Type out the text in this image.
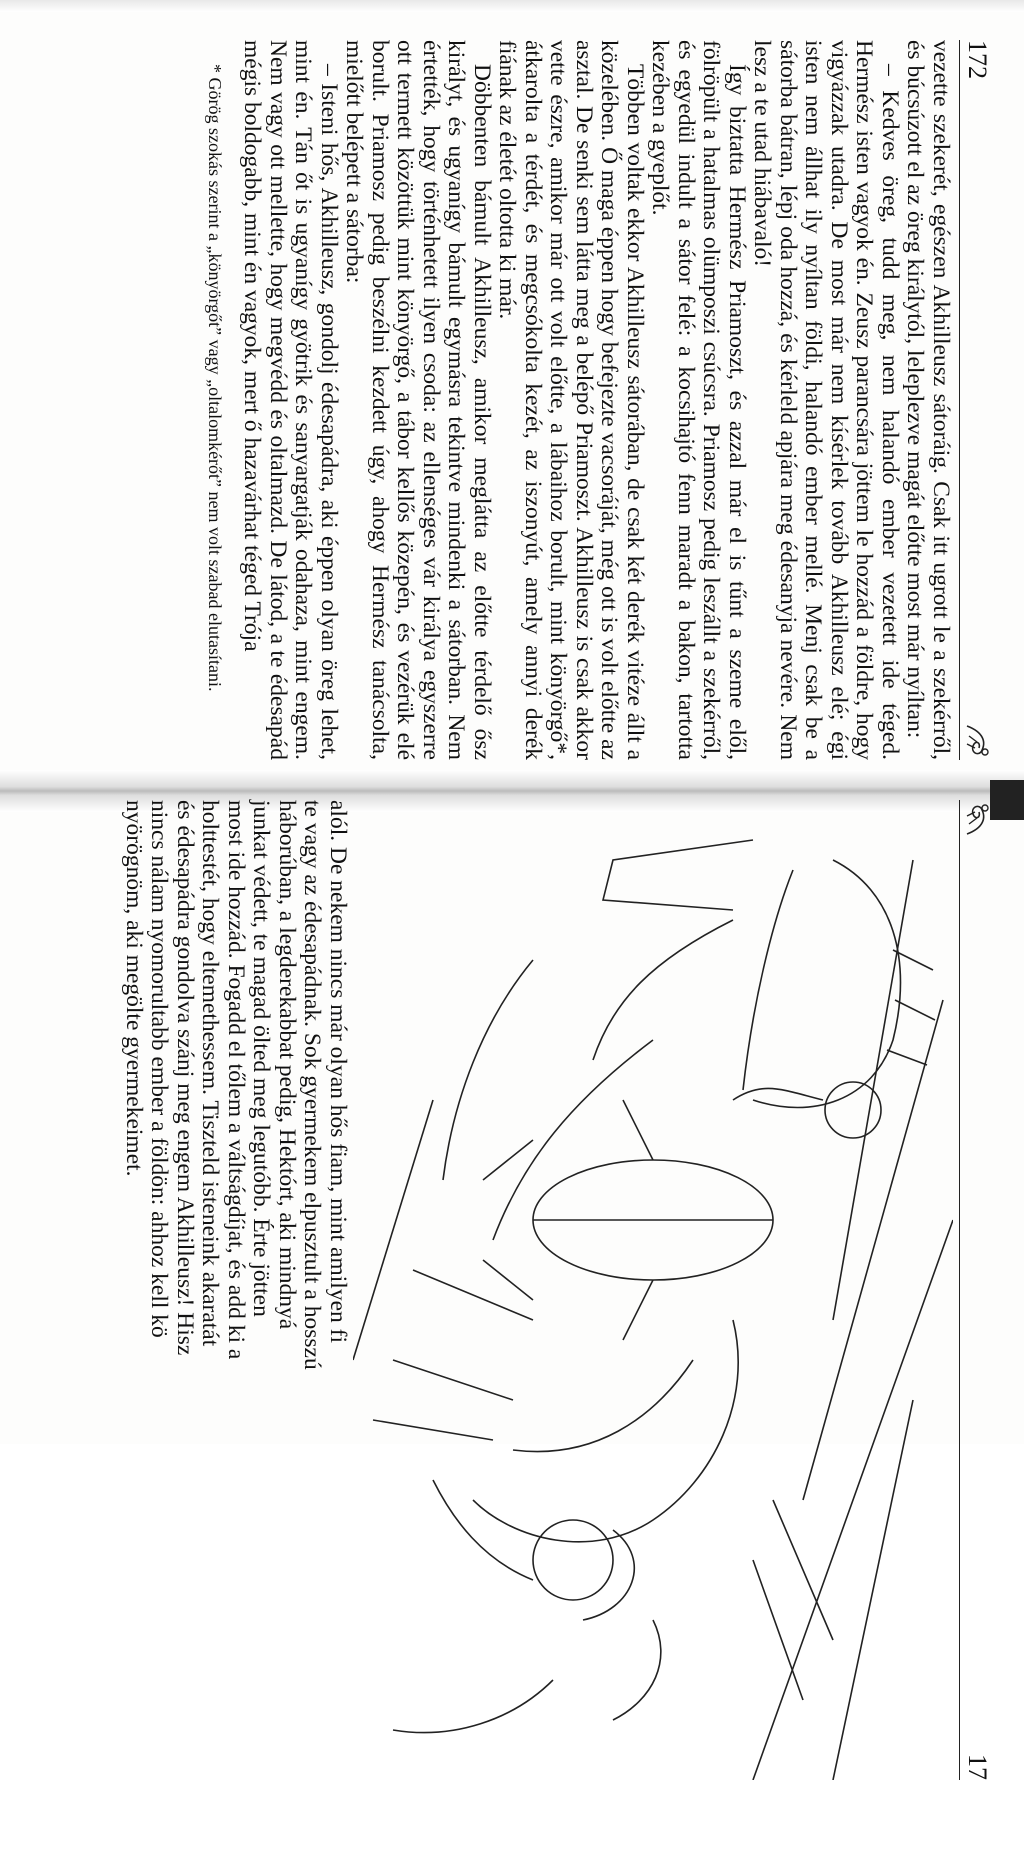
172

vezette szekerét, egészen Akhilleusz sátoráig. Csak itt ugrott le a szekérről, és búcsúzott el az öreg királytól, leleplezve magát előtte most már nyíltan:

– Kedves öreg, tudd meg, nem halandó ember vezetett ide téged. Hermész isten vagyok én. Zeusz parancsára jöttem le hozzád a földre, hogy vigyázzak utadra. De most már nem kísérlek tovább Akhilleusz elé; égi isten nem állhat ily nyíltan földi, halandó ember mellé. Menj csak be a sátorba bátran, lépj oda hozzá, és kérleld apjára meg édesanyja nevére. Nem lesz a te utad hiábavaló!

Így biztatta Hermész Priamoszt, és azzal már el is tűnt a szeme elől, fölröpült a hatalmas olümposzi csúcsra. Priamosz pedig leszállt a szekérről, és egyedül indult a sátor felé: a kocsihajtó fenn maradt a bakon, tartotta kezében a gyeplőt.

Többen voltak ekkor Akhilleusz sátorában, de csak két derék vitéze állt a közelében. Ő maga éppen hogy befejezte vacsoráját, még ott is volt előtte az asztal. De senki sem látta meg a belépő Priamoszt. Akhilleusz is csak akkor vette észre, amikor már ott volt előtte, a lábaihoz borult, mint könyörgő*, átkarolta a térdét, és megcsókolta kezét, az iszonyút, amely annyi derék fiának az életét oltotta ki már.

Döbbenten bámult Akhilleusz, amikor meglátta az előtte térdelő ősz királyt, és ugyanígy bámult egymásra tekintve mindenki a sátorban. Nem értették, hogy történhetett ilyen csoda: az ellenséges vár királya egyszerre ott termett közöttük mint könyörgő, a tábor kellős közepén, és vezérük elé borult. Priamosz pedig beszélni kezdett úgy, ahogy Hermész tanácsolta, mielőtt belépett a sátorba:

– Isteni hős, Akhilleusz, gondolj édesapádra, aki éppen olyan öreg lehet, mint én. Tán őt is ugyanígy gyötrik és sanyargatják odahaza, mint engem. Nem vagy ott mellette, hogy megvédd és oltalmazd. De látod, a te édesapád mégis boldogabb, mint én vagyok, mert ő hazavárhat téged Trója

* Görög szokás szerint a „könyörgőt” vagy „oltalomkérőt” nem volt szabad elutasítani.
17

alól. De nekem nincs már olyan hős fiam, mint amilyen fi

te vagy az édesapádnak. Sok gyermekem elpusztult a hosszú

háborúban, a legderekabbat pedig, Hektórt, aki mindnyá

junkat védett, te magad ölted meg legutóbb. Érte jötten

most ide hozzád. Fogadd el tőlem a váltságdíjat, és add ki a

holttestét, hogy eltemethessem. Tiszteld isteneink akaratát

és édesapádra gondolva szánj meg engem Akhilleusz! Hisz

nincs nálam nyomorultabb ember a földön: ahhoz kell kö

nyörögnöm, aki megölte gyermekeimet.
